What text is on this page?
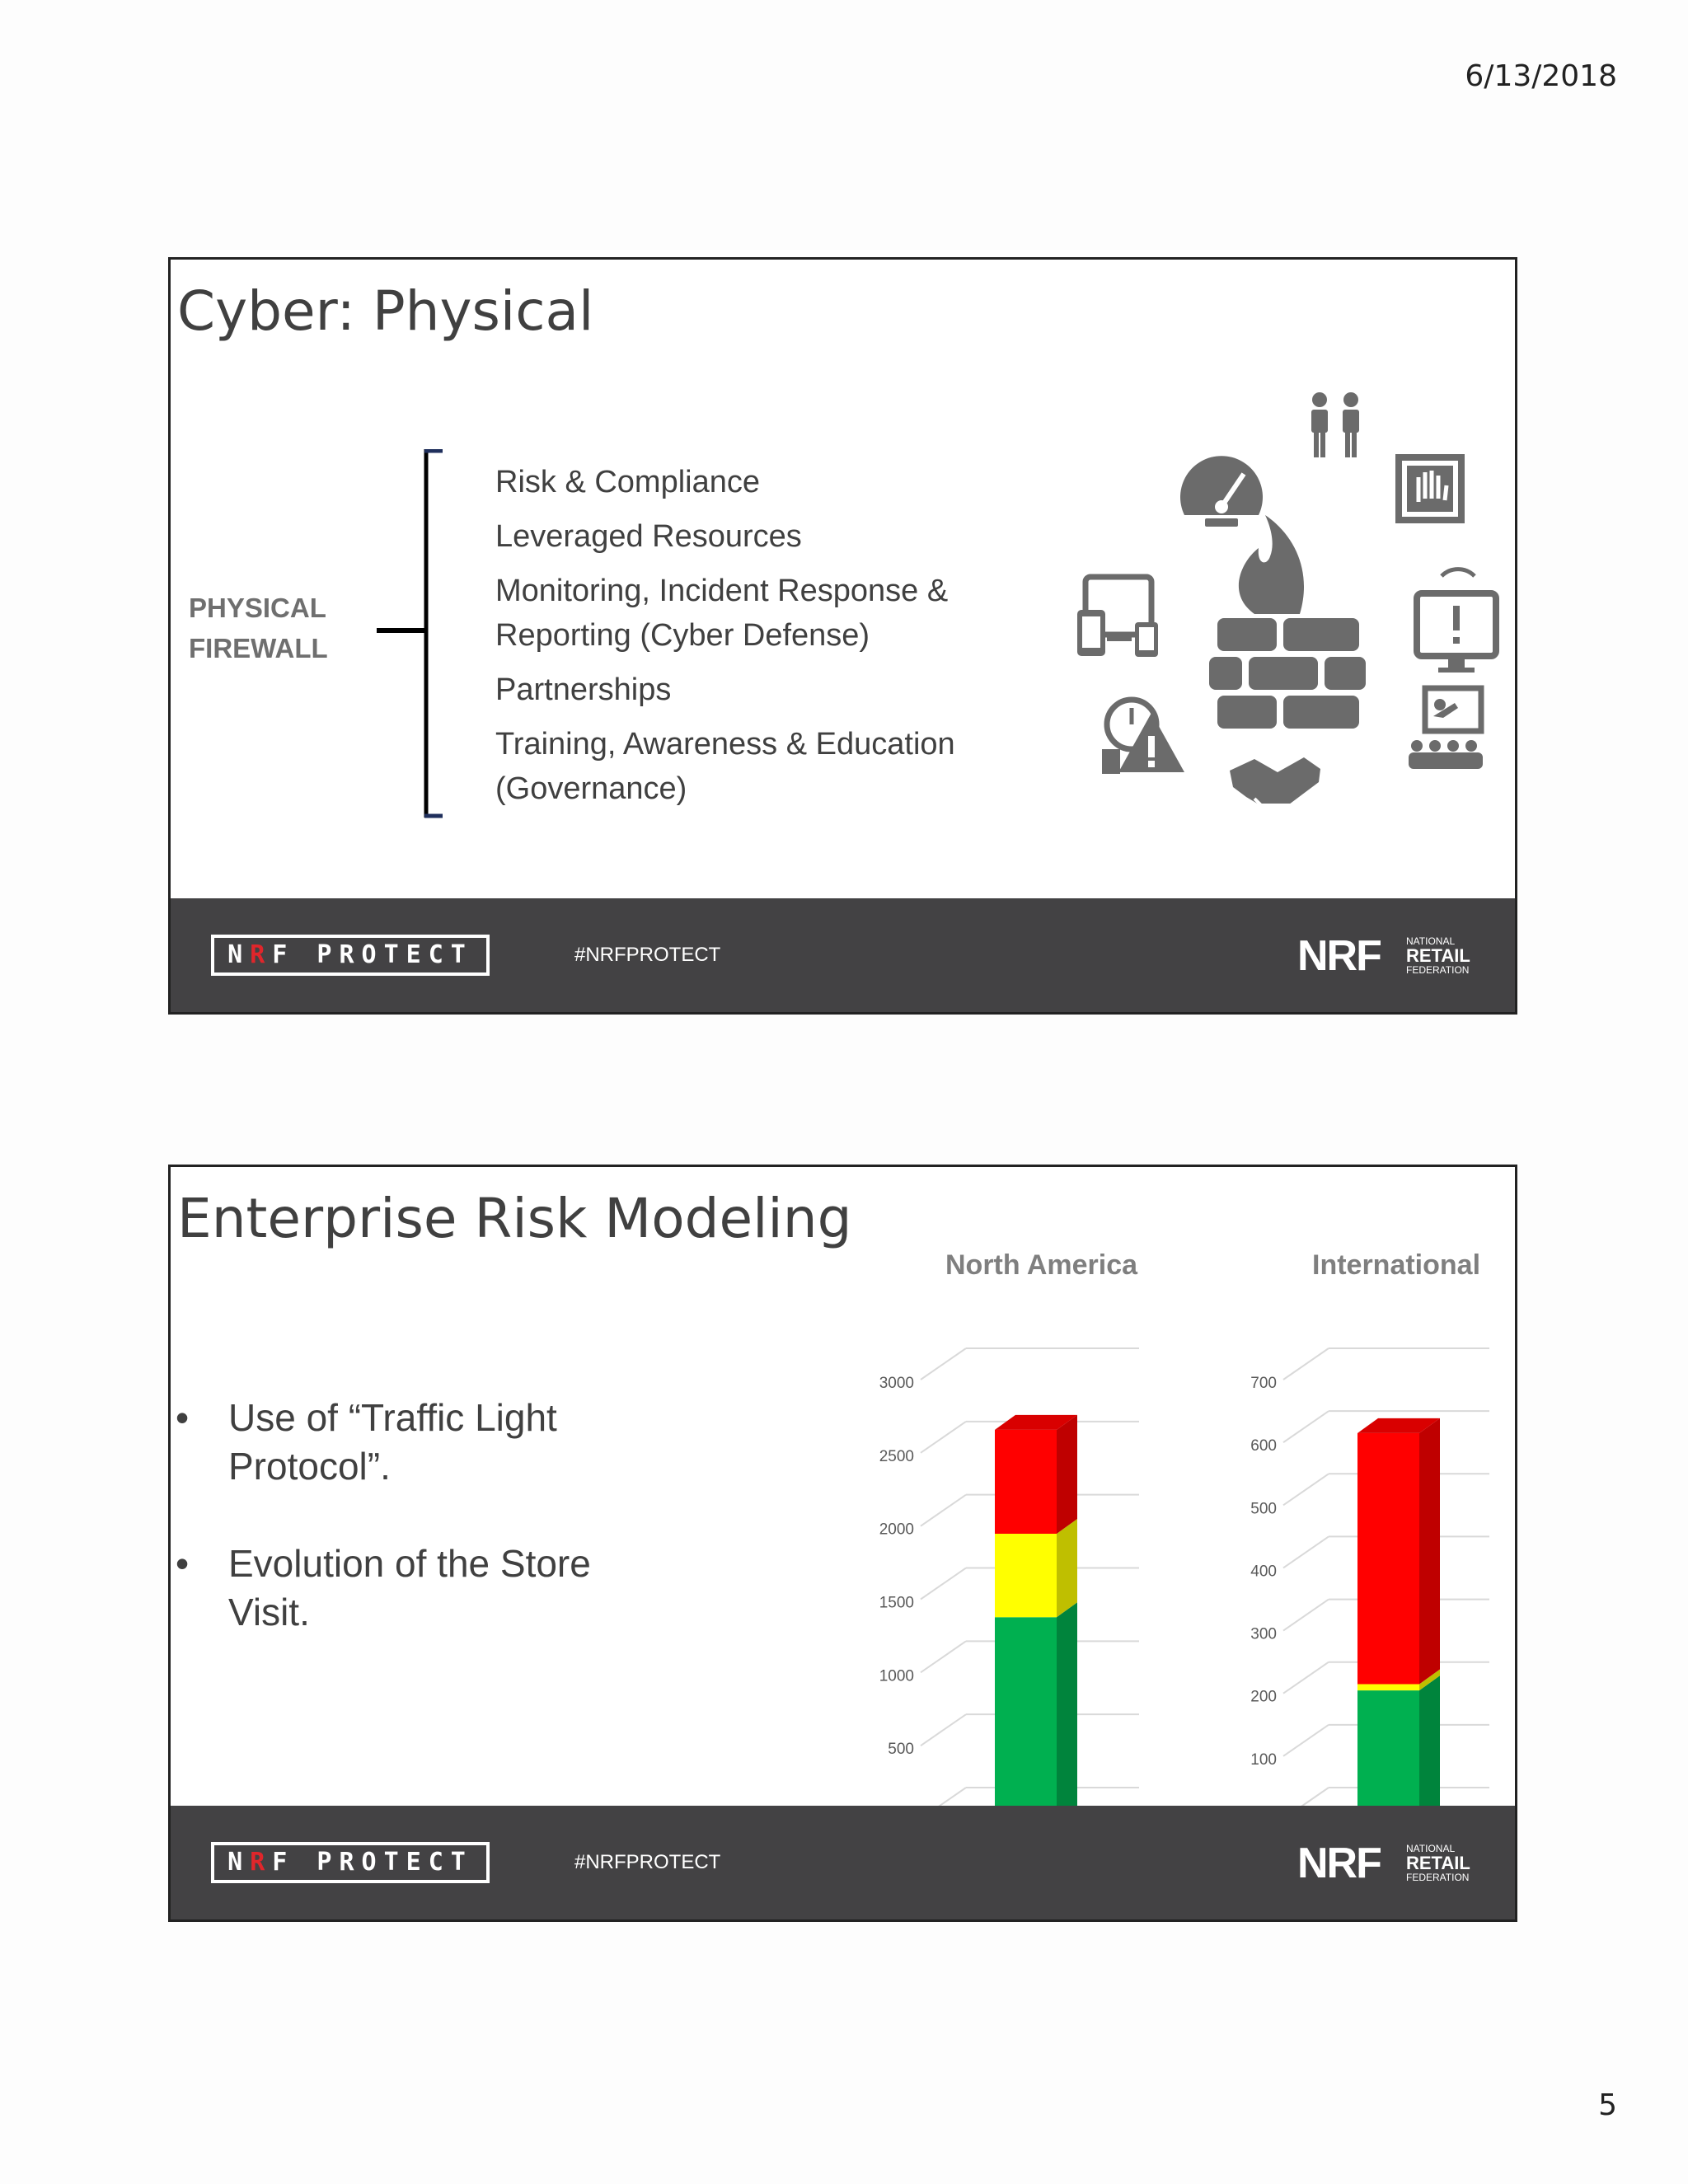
6/13/2018
Cyber: Physical
PHYSICAL
FIREWALL
Risk & Compliance
Leveraged Resources
Monitoring, Incident Response & Reporting (Cyber Defense)
Partnerships
Training, Awareness & Education (Governance)
NRF PROTECT	#NRFPROTECT	NRF	NATIONAL
RETAIL
FEDERATION
Enterprise Risk Modeling
• Use of “Traffic Light Protocol”.
• Evolution of the Store Visit.
North America
500
1000
1500
2000
2500
3000
International
100
200
300
400
500
600
700
NRF PROTECT	#NRFPROTECT	NRF	NATIONAL
RETAIL
FEDERATION
5
